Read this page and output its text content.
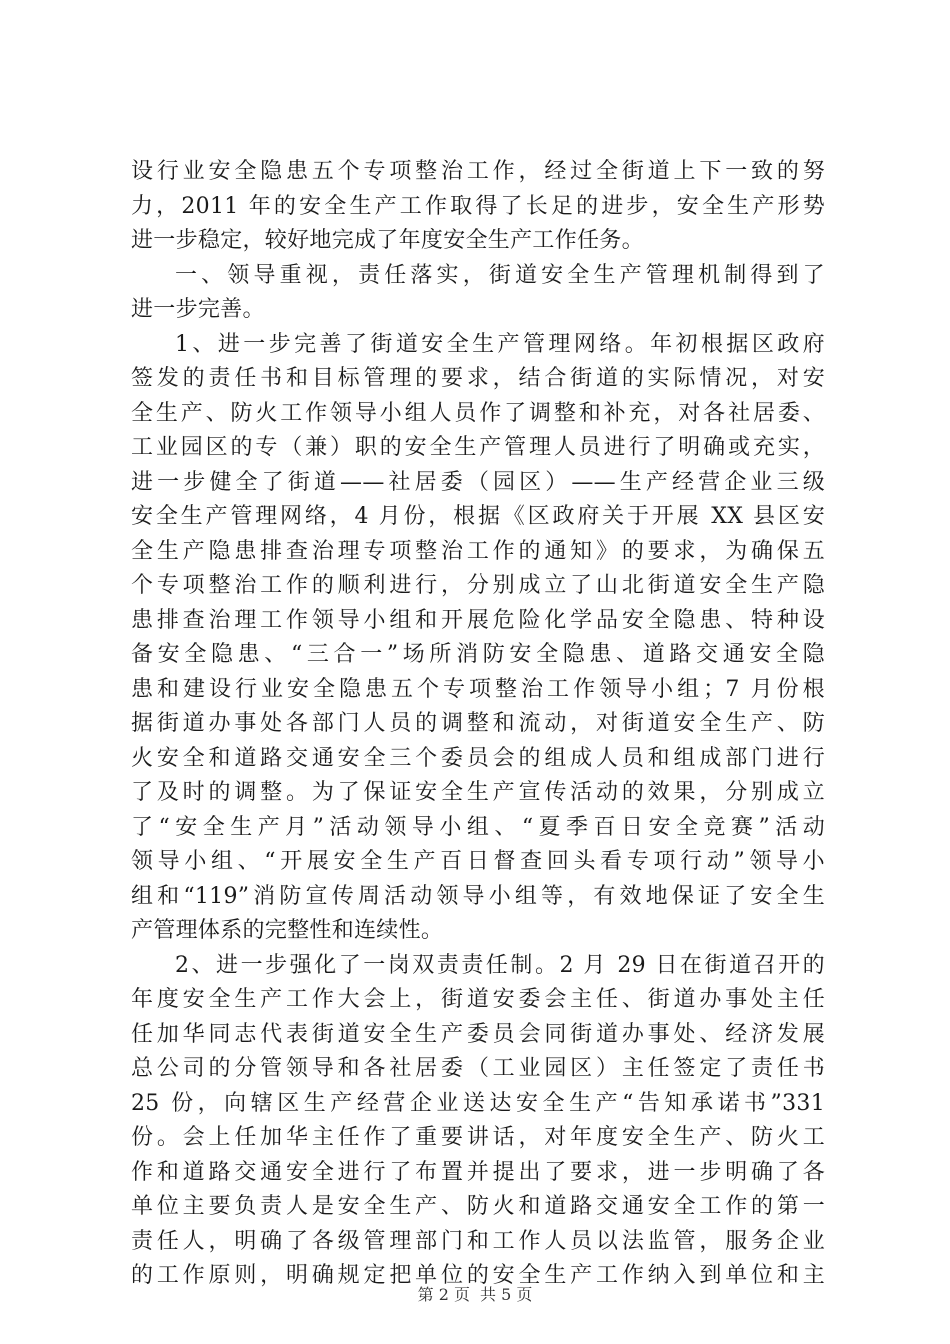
设行业安全隐患五个专项整治工作，经过全街道上下一致的努
力，2011 年的安全生产工作取得了长足的进步，安全生产形势
进一步稳定，较好地完成了年度安全生产工作任务。
一、领导重视，责任落实，街道安全生产管理机制得到了
进一步完善。
1、进一步完善了街道安全生产管理网络。年初根据区政府
签发的责任书和目标管理的要求，结合街道的实际情况，对安
全生产、防火工作领导小组人员作了调整和补充，对各社居委、
工业园区的专（兼）职的安全生产管理人员进行了明确或充实，
进一步健全了街道——社居委（园区）——生产经营企业三级
安全生产管理网络，4 月份，根据《区政府关于开展 XX 县区安
全生产隐患排查治理专项整治工作的通知》的要求，为确保五
个专项整治工作的顺利进行，分别成立了山北街道安全生产隐
患排查治理工作领导小组和开展危险化学品安全隐患、特种设
备安全隐患、“三合一”场所消防安全隐患、道路交通安全隐
患和建设行业安全隐患五个专项整治工作领导小组；7 月份根
据街道办事处各部门人员的调整和流动，对街道安全生产、防
火安全和道路交通安全三个委员会的组成人员和组成部门进行
了及时的调整。为了保证安全生产宣传活动的效果，分别成立
了“安全生产月”活动领导小组、“夏季百日安全竞赛”活动
领导小组、“开展安全生产百日督查回头看专项行动”领导小
组和“119”消防宣传周活动领导小组等，有效地保证了安全生
产管理体系的完整性和连续性。
2、进一步强化了一岗双责责任制。2 月 29 日在街道召开的
年度安全生产工作大会上，街道安委会主任、街道办事处主任
任加华同志代表街道安全生产委员会同街道办事处、经济发展
总公司的分管领导和各社居委（工业园区）主任签定了责任书
25 份，向辖区生产经营企业送达安全生产“告知承诺书”331
份。会上任加华主任作了重要讲话，对年度安全生产、防火工
作和道路交通安全进行了布置并提出了要求，进一步明确了各
单位主要负责人是安全生产、防火和道路交通安全工作的第一
责任人，明确了各级管理部门和工作人员以法监管，服务企业
的工作原则，明确规定把单位的安全生产工作纳入到单位和主
第 2 页 共 5 页
